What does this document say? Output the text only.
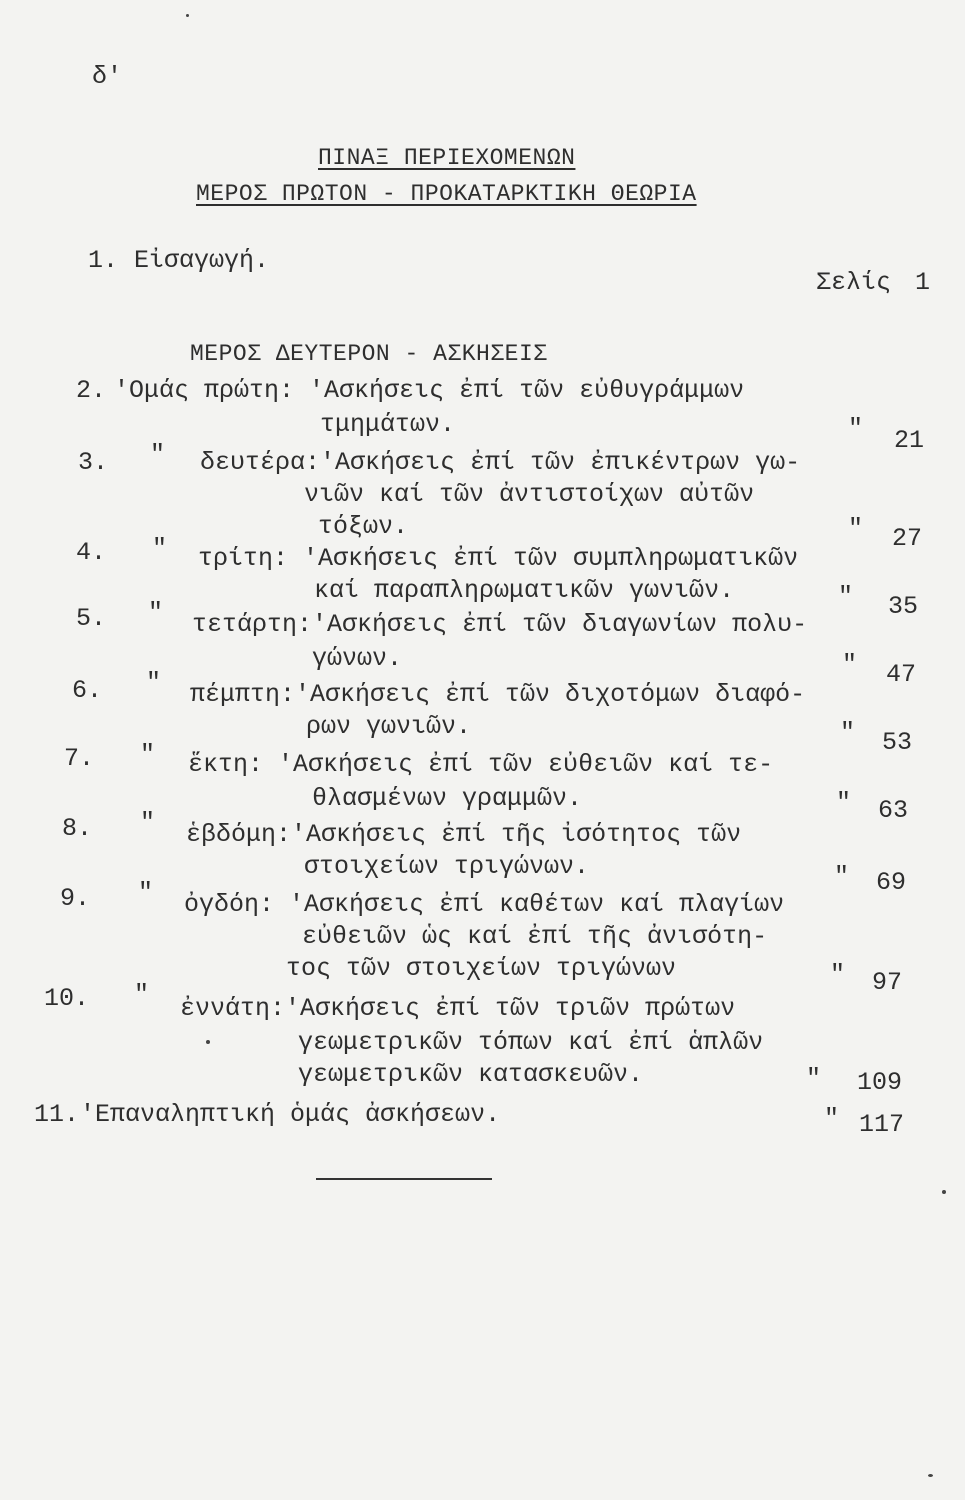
δ'
ΠΙΝΑΞ ΠΕΡΙΕΧΟΜΕΝΩΝ
ΜΕΡΟΣ ΠΡΩΤΟΝ - ΠΡΟΚΑΤΑΡΚΤΙΚΗ ΘΕΩΡΙΑ
1. Εἰσαγωγή.
Σελίς 1
ΜΕΡΟΣ ΔΕΥΤΕΡΟΝ - ΑΣΚΗΣΕΙΣ
2. 'Ομάς πρώτη: 'Ασκήσεις ἐπί τῶν εὐθυγράμμων
τμημάτων.	"	21
3. " δευτέρα:'Ασκήσεις ἐπί τῶν ἐπικέντρων γω-
νιῶν καί τῶν ἀντιστοίχων αὐτῶν
τόξων.	"	27
4. " τρίτη: 'Ασκήσεις ἐπί τῶν συμπληρωματικῶν
καί παραπληρωματικῶν γωνιῶν.	"	35
5. " τετάρτη:'Ασκήσεις ἐπί τῶν διαγωνίων πολυ-
γώνων.	"	47
6. " πέμπτη:'Ασκήσεις ἐπί τῶν διχοτόμων διαφό-
ρων γωνιῶν.	"	53
7. " ἕκτη: 'Ασκήσεις ἐπί τῶν εὐθειῶν καί τε-
θλασμένων γραμμῶν.	"	63
8. " ἑβδόμη:'Ασκήσεις ἐπί τῆς ἰσότητος τῶν
στοιχείων τριγώνων.	"	69
9. " ὀγδόη: 'Ασκήσεις ἐπί καθέτων καί πλαγίων
εὐθειῶν ὡς καί ἐπί τῆς ἀνισότη-
τος τῶν στοιχείων τριγώνων	"	97
10. " ἐννάτη:'Ασκήσεις ἐπί τῶν τριῶν πρώτων
γεωμετρικῶν τόπων καί ἐπί ἁπλῶν
γεωμετρικῶν κατασκευῶν.	"	109
11. 'Επαναληπτική ὁμάς ἀσκήσεων.	" 117
